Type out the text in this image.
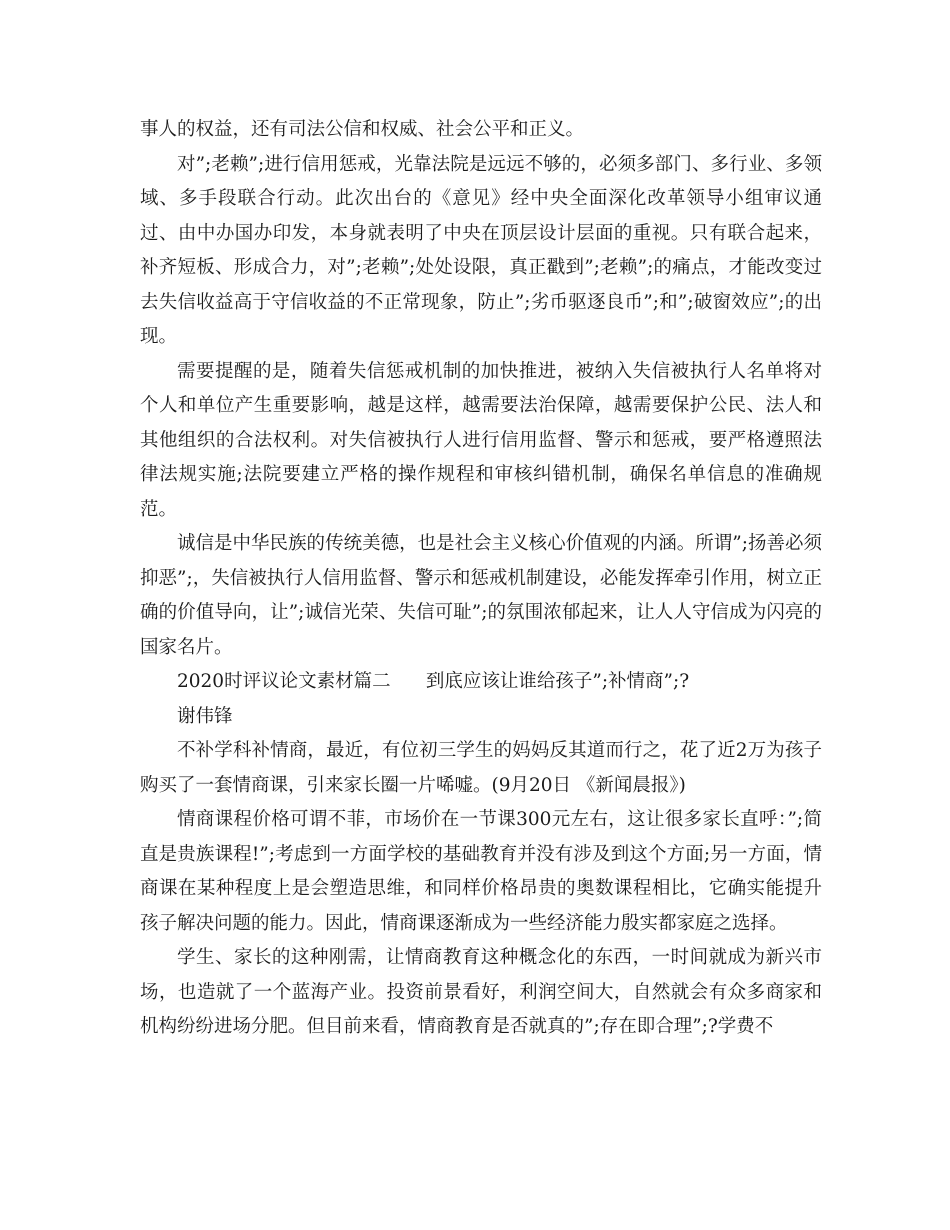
事人的权益，还有司法公信和权威、社会公平和正义。

对”;老赖”;进行信用惩戒，光靠法院是远远不够的，必须多部门、多行业、多领域、多手段联合行动。此次出台的《意见》经中央全面深化改革领导小组审议通过、由中办国办印发，本身就表明了中央在顶层设计层面的重视。只有联合起来，补齐短板、形成合力，对”;老赖”;处处设限，真正戳到”;老赖”;的痛点，才能改变过去失信收益高于守信收益的不正常现象，防止”;劣币驱逐良币”;和”;破窗效应”;的出现。

需要提醒的是，随着失信惩戒机制的加快推进，被纳入失信被执行人名单将对个人和单位产生重要影响，越是这样，越需要法治保障，越需要保护公民、法人和其他组织的合法权利。对失信被执行人进行信用监督、警示和惩戒，要严格遵照法律法规实施;法院要建立严格的操作规程和审核纠错机制，确保名单信息的准确规范。

诚信是中华民族的传统美德，也是社会主义核心价值观的内涵。所谓”;扬善必须抑恶”;，失信被执行人信用监督、警示和惩戒机制建设，必能发挥牵引作用，树立正确的价值导向，让”;诚信光荣、失信可耻”;的氛围浓郁起来，让人人守信成为闪亮的国家名片。

2020时评议论文素材篇二      到底应该让谁给孩子”;补情商”;?

谢伟锋

不补学科补情商，最近，有位初三学生的妈妈反其道而行之，花了近2万为孩子购买了一套情商课，引来家长圈一片唏嘘。(9月20日 《新闻晨报》)

情商课程价格可谓不菲，市场价在一节课300元左右，这让很多家长直呼：”;简直是贵族课程!”;考虑到一方面学校的基础教育并没有涉及到这个方面;另一方面，情商课在某种程度上是会塑造思维，和同样价格昂贵的奥数课程相比，它确实能提升孩子解决问题的能力。因此，情商课逐渐成为一些经济能力殷实都家庭之选择。

学生、家长的这种刚需，让情商教育这种概念化的东西，一时间就成为新兴市场，也造就了一个蓝海产业。投资前景看好，利润空间大，自然就会有众多商家和机构纷纷进场分肥。但目前来看，情商教育是否就真的”;存在即合理”;?学费不
